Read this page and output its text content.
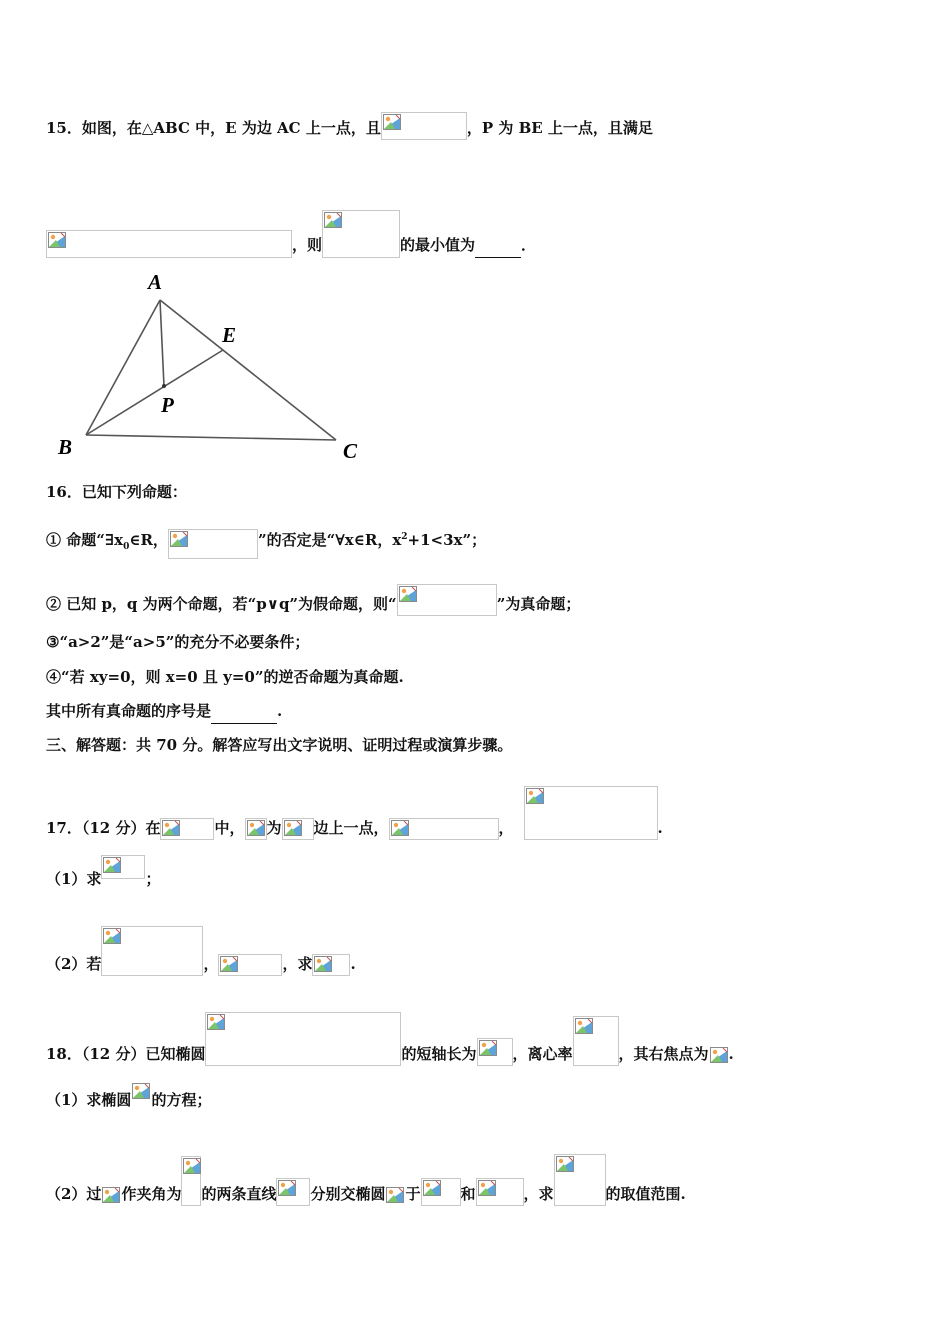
15．如图，在△ABC 中，E 为边 AC 上一点，且	，P 为 BE 上一点，且满足
，则	的最小值为	．
A
E
P
B	C
16．已知下列命题：
① 命题“$\exists x_0\in R$，	”的否定是“∀x∈R，$x^2+1<3x$”；
② 已知 p，q 为两个命题，若“p∨q”为假命题，则“	”为真命题；
③“a>2”是“a>5”的充分不必要条件；
④“若 xy=0，则 x=0 且 y=0”的逆否命题为真命题.
其中所有真命题的序号是	.
三、解答题：共 70 分。解答应写出文字说明、证明过程或演算步骤。
17．（12 分）在	中， 为 边上一点，	，	.
（1）求	；
（2）若	，	，求	.
18．（12 分）已知椭圆	的短轴长为 ，离心率	，其右焦点为 .
（1）求椭圆 的方程；
（2）过 作夹角为 的两条直线 分别交椭圆 于	和	，求	的取值范围.
